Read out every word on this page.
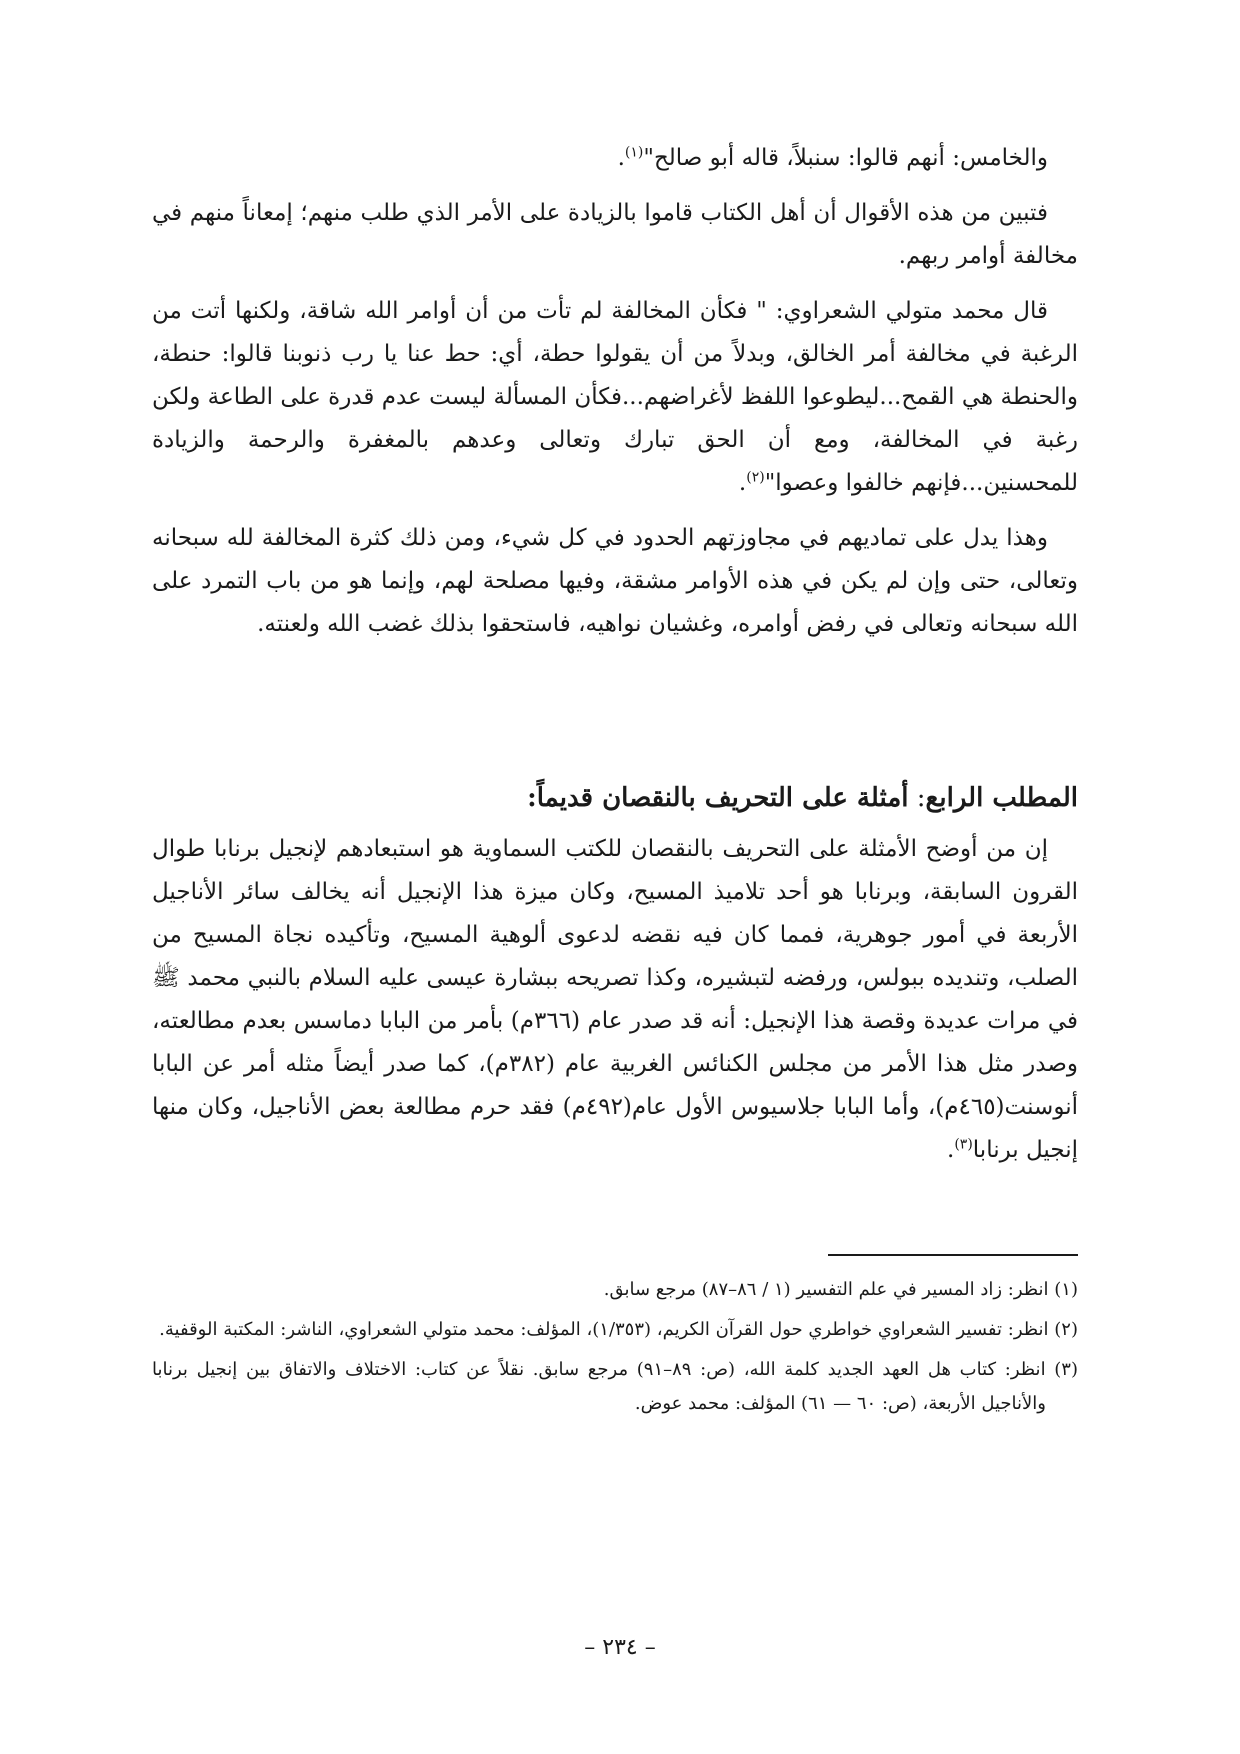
والخامس: أنهم قالوا: سنبلاً، قاله أبو صالح"$^{(١)}$.

فتبين من هذه الأقوال أن أهل الكتاب قاموا بالزيادة على الأمر الذي طلب منهم؛ إمعاناً منهم في مخالفة أوامر ربهم.

قال محمد متولي الشعراوي: " فكأن المخالفة لم تأت من أن أوامر الله شاقة، ولكنها أتت من الرغبة في مخالفة أمر الخالق، وبدلاً من أن يقولوا حطة، أي: حط عنا يا رب ذنوبنا قالوا: حنطة، والحنطة هي القمح...ليطوعوا اللفظ لأغراضهم...فكأن المسألة ليست عدم قدرة على الطاعة ولكن رغبة في المخالفة، ومع أن الحق تبارك وتعالى وعدهم بالمغفرة والرحمة والزيادة للمحسنين...فإنهم خالفوا وعصوا"$^{(٢)}$.

وهذا يدل على تماديهم في مجاوزتهم الحدود في كل شيء، ومن ذلك كثرة المخالفة لله سبحانه وتعالى، حتى وإن لم يكن في هذه الأوامر مشقة، وفيها مصلحة لهم، وإنما هو من باب التمرد على الله سبحانه وتعالى في رفض أوامره، وغشيان نواهيه، فاستحقوا بذلك غضب الله ولعنته.

المطلب الرابع: أمثلة على التحريف بالنقصان قديماً:

إن من أوضح الأمثلة على التحريف بالنقصان للكتب السماوية هو استبعادهم لإنجيل برنابا طوال القرون السابقة، وبرنابا هو أحد تلاميذ المسيح، وكان ميزة هذا الإنجيل أنه يخالف سائر الأناجيل الأربعة في أمور جوهرية، فمما كان فيه نقضه لدعوى ألوهية المسيح، وتأكيده نجاة المسيح من الصلب، وتنديده ببولس، ورفضه لتبشيره، وكذا تصريحه ببشارة عيسى عليه السلام بالنبي محمد ﷺ في مرات عديدة وقصة هذا الإنجيل: أنه قد صدر عام (٣٦٦م) بأمر من البابا دماسس بعدم مطالعته، وصدر مثل هذا الأمر من مجلس الكنائس الغربية عام (٣٨٢م)، كما صدر أيضاً مثله أمر عن البابا أنوسنت(٤٦٥م)، وأما البابا جلاسيوس الأول عام(٤٩٢م) فقد حرم مطالعة بعض الأناجيل، وكان منها إنجيل برنابا$^{(٣)}$.

(١) انظر: زاد المسير في علم التفسير (١ / ٨٦–٨٧) مرجع سابق.

(٢) انظر: تفسير الشعراوي خواطري حول القرآن الكريم، (١/٣٥٣)، المؤلف: محمد متولي الشعراوي، الناشر: المكتبة الوقفية.

(٣) انظر: كتاب هل العهد الجديد كلمة الله، (ص: ٨٩–٩١) مرجع سابق. نقلاً عن كتاب: الاختلاف والاتفاق بين إنجيل برنابا والأناجيل الأربعة، (ص: ٦٠ — ٦١) المؤلف: محمد عوض.

– ٢٣٤ –
